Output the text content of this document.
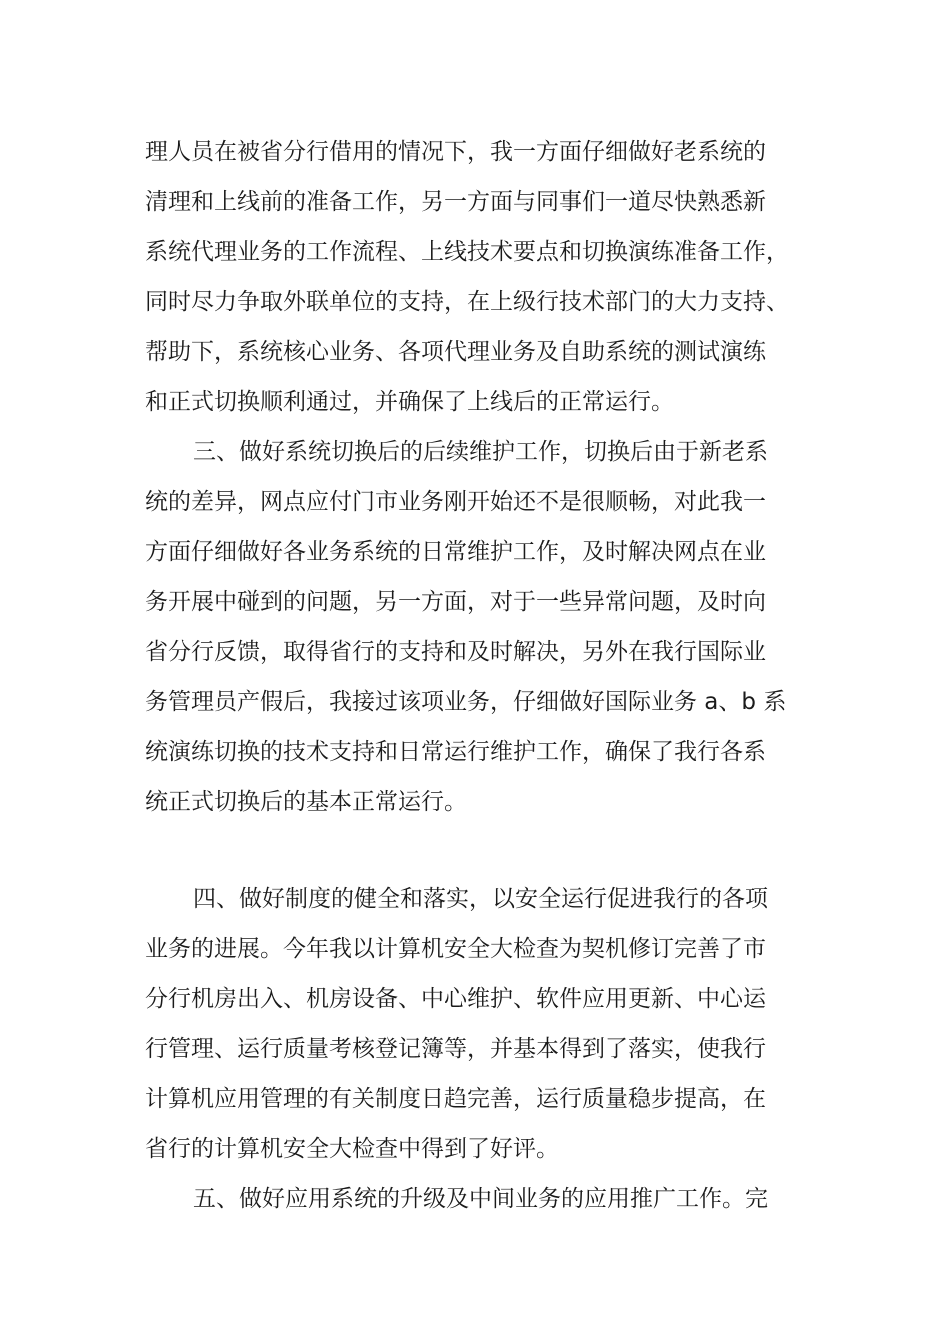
理人员在被省分行借用的情况下，我一方面仔细做好老系统的
清理和上线前的准备工作，另一方面与同事们一道尽快熟悉新
系统代理业务的工作流程、上线技术要点和切换演练准备工作，
同时尽力争取外联单位的支持，在上级行技术部门的大力支持、
帮助下，系统核心业务、各项代理业务及自助系统的测试演练
和正式切换顺利通过，并确保了上线后的正常运行。
三、做好系统切换后的后续维护工作，切换后由于新老系
统的差异，网点应付门市业务刚开始还不是很顺畅，对此我一
方面仔细做好各业务系统的日常维护工作，及时解决网点在业
务开展中碰到的问题，另一方面，对于一些异常问题，及时向
省分行反馈，取得省行的支持和及时解决，另外在我行国际业
务管理员产假后，我接过该项业务，仔细做好国际业务 a、b 系
统演练切换的技术支持和日常运行维护工作，确保了我行各系
统正式切换后的基本正常运行。
四、做好制度的健全和落实，以安全运行促进我行的各项
业务的进展。今年我以计算机安全大检查为契机修订完善了市
分行机房出入、机房设备、中心维护、软件应用更新、中心运
行管理、运行质量考核登记簿等，并基本得到了落实，使我行
计算机应用管理的有关制度日趋完善，运行质量稳步提高，在
省行的计算机安全大检查中得到了好评。
五、做好应用系统的升级及中间业务的应用推广工作。完
